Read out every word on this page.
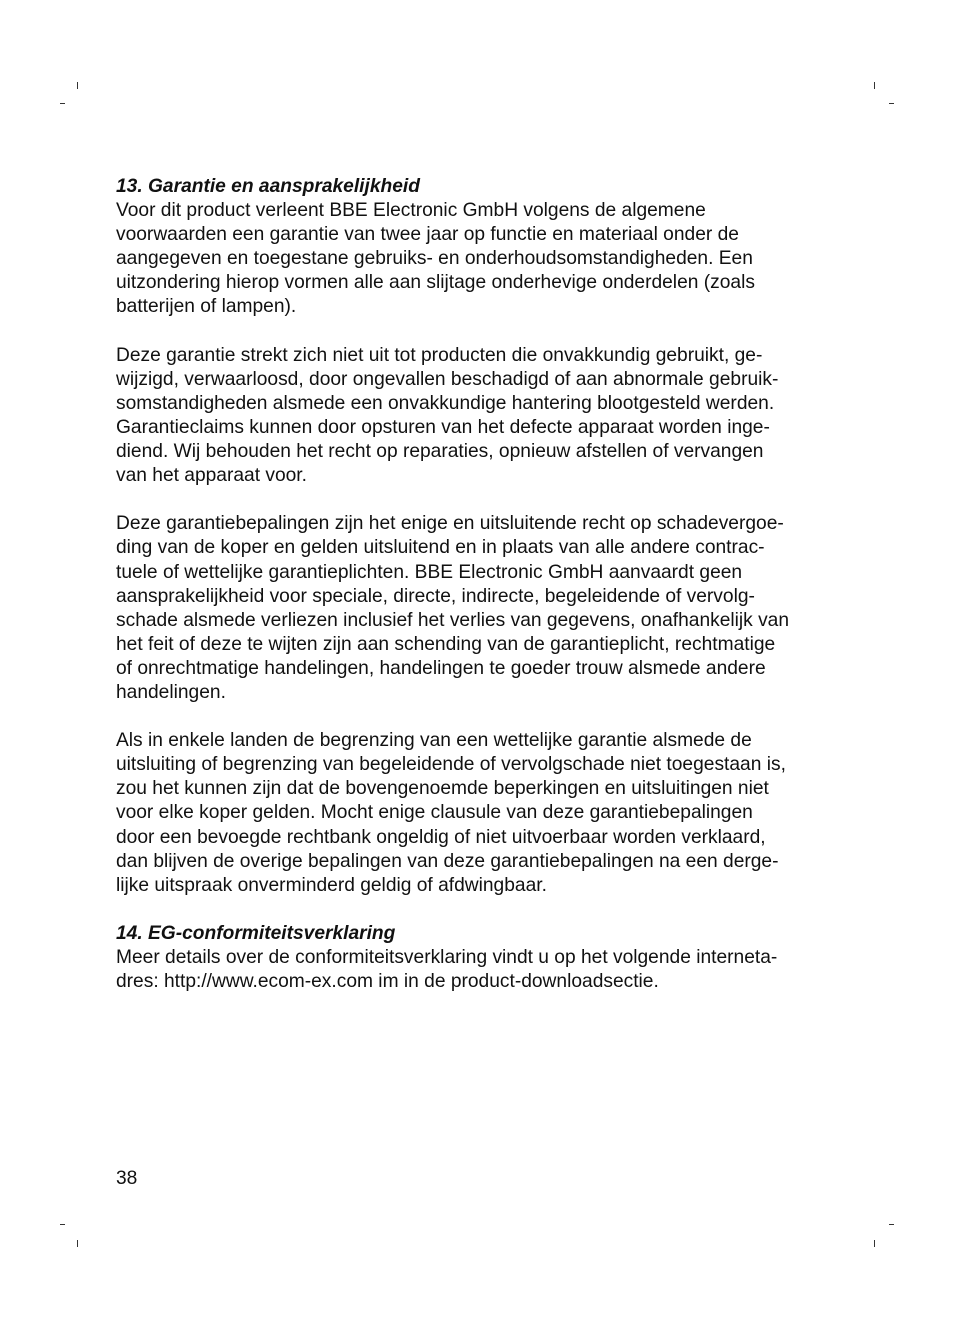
13. Garantie en aansprakelijkheid
Voor dit product verleent BBE Electronic GmbH volgens de algemene
voorwaarden een garantie van twee jaar op functie en materiaal onder de
aangegeven en toegestane gebruiks- en onderhoudsomstandigheden. Een
uitzondering hierop vormen alle aan slijtage onderhevige onderdelen (zoals
batterijen of lampen).
Deze garantie strekt zich niet uit tot producten die onvakkundig gebruikt, ge-
wijzigd, verwaarloosd, door ongevallen beschadigd of aan abnormale gebruik-
somstandigheden alsmede een onvakkundige hantering blootgesteld werden.
Garantieclaims kunnen door opsturen van het defecte apparaat worden inge-
diend. Wij behouden het recht op reparaties, opnieuw afstellen of vervangen
van het apparaat voor.
Deze garantiebepalingen zijn het enige en uitsluitende recht op schadevergoe-
ding van de koper en gelden uitsluitend en in plaats van alle andere contrac-
tuele of wettelijke garantieplichten. BBE Electronic GmbH aanvaardt geen
aansprakelijkheid voor speciale, directe, indirecte, begeleidende of vervolg-
schade alsmede verliezen inclusief het verlies van gegevens, onafhankelijk van
het feit of deze te wijten zijn aan schending van de garantieplicht, rechtmatige
of onrechtmatige handelingen, handelingen te goeder trouw alsmede andere
handelingen.
Als in enkele landen de begrenzing van een wettelijke garantie alsmede de
uitsluiting of begrenzing van begeleidende of vervolgschade niet toegestaan is,
zou het kunnen zijn dat de bovengenoemde beperkingen en uitsluitingen niet
voor elke koper gelden. Mocht enige clausule van deze garantiebepalingen
door een bevoegde rechtbank ongeldig of niet uitvoerbaar worden verklaard,
dan blijven de overige bepalingen van deze garantiebepalingen na een derge-
lijke uitspraak onverminderd geldig of afdwingbaar.
14. EG-conformiteitsverklaring
Meer details over de conformiteitsverklaring vindt u op het volgende interneta-
dres: http://www.ecom-ex.com im in de product-downloadsectie.
38
